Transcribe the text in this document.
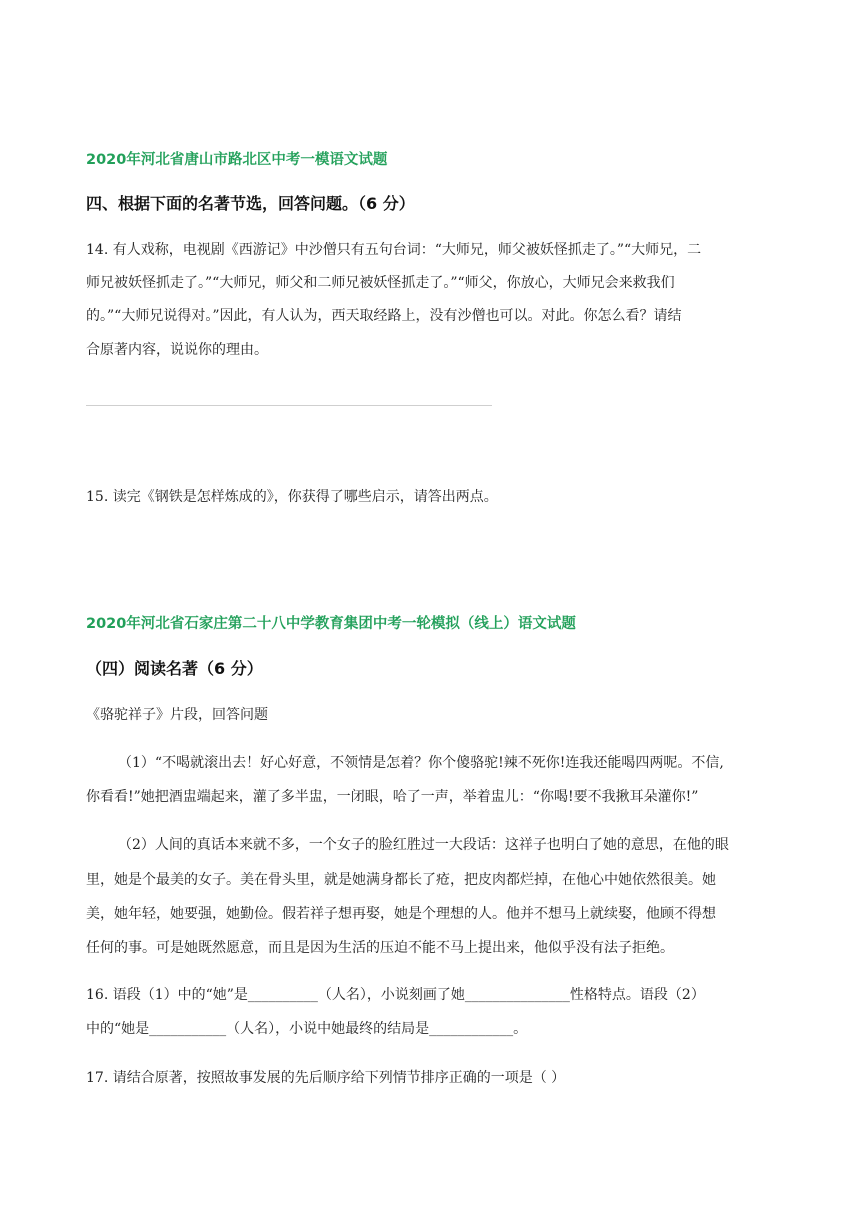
2020年河北省唐山市路北区中考一模语文试题
四、根据下面的名著节选，回答问题。（6 分）
14. 有人戏称，电视剧《西游记》中沙僧只有五句台词：“大师兄，师父被妖怪抓走了。”“大师兄，二
师兄被妖怪抓走了。”“大师兄，师父和二师兄被妖怪抓走了。”“师父，你放心，大师兄会来救我们
的。”“大师兄说得对。”因此，有人认为，西天取经路上，没有沙僧也可以。对此。你怎么看？请结
合原著内容，说说你的理由。
15. 读完《钢铁是怎样炼成的》，你获得了哪些启示，请答出两点。
2020年河北省石家庄第二十八中学教育集团中考一轮模拟（线上）语文试题
（四）阅读名著（6 分）
《骆驼祥子》片段，回答问题
（1）“不喝就滚出去！好心好意，不领情是怎着？你个傻骆驼!辣不死你!连我还能喝四两呢。不信,
你看看!”她把酒盅端起来，灌了多半盅，一闭眼，哈了一声，举着盅儿：“你喝!要不我揪耳朵灌你!”
（2）人间的真话本来就不多，一个女子的脸红胜过一大段话：这祥子也明白了她的意思，在他的眼
里，她是个最美的女子。美在骨头里，就是她满身都长了疮，把皮肉都烂掉，在他心中她依然很美。她
美，她年轻，她要强，她勤俭。假若祥子想再娶，她是个理想的人。他并不想马上就续娶，他顾不得想
任何的事。可是她既然愿意，而且是因为生活的压迫不能不马上提出来，他似乎没有法子拒绝。
16. 语段（1）中的“她”是__________（人名），小说刻画了她_______________性格特点。语段（2）
中的“她是___________（人名），小说中她最终的结局是____________。
17. 请结合原著，按照故事发展的先后顺序给下列情节排序正确的一项是（ ）
